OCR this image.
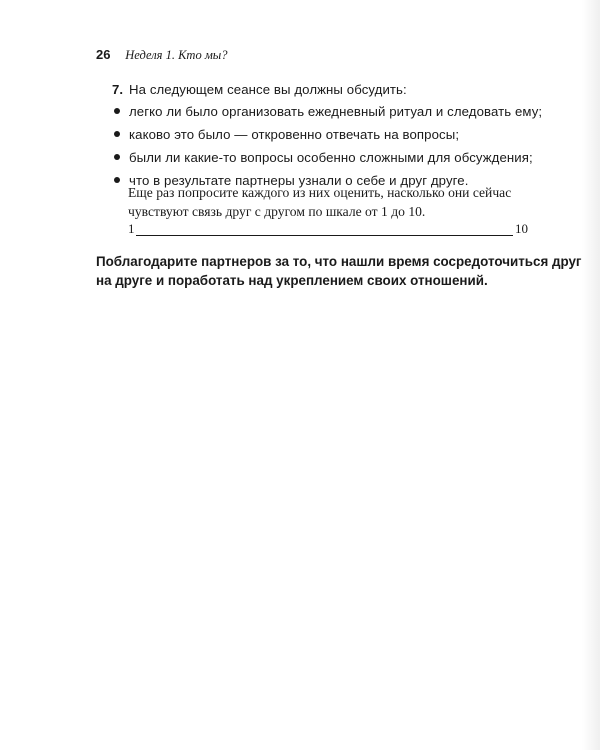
26 Неделя 1. Кто мы?
7. На следующем сеансе вы должны обсудить:
легко ли было организовать ежедневный ритуал и следовать ему;
каково это было — откровенно отвечать на вопросы;
были ли какие-то вопросы особенно сложными для обсуждения;
что в результате партнеры узнали о себе и друг друге.
Еще раз попросите каждого из них оценить, насколько они сейчас
чувствуют связь друг с другом по шкале от 1 до 10.
1	10
Поблагодарите партнеров за то, что нашли время сосредоточиться друг
на друге и поработать над укреплением своих отношений.
